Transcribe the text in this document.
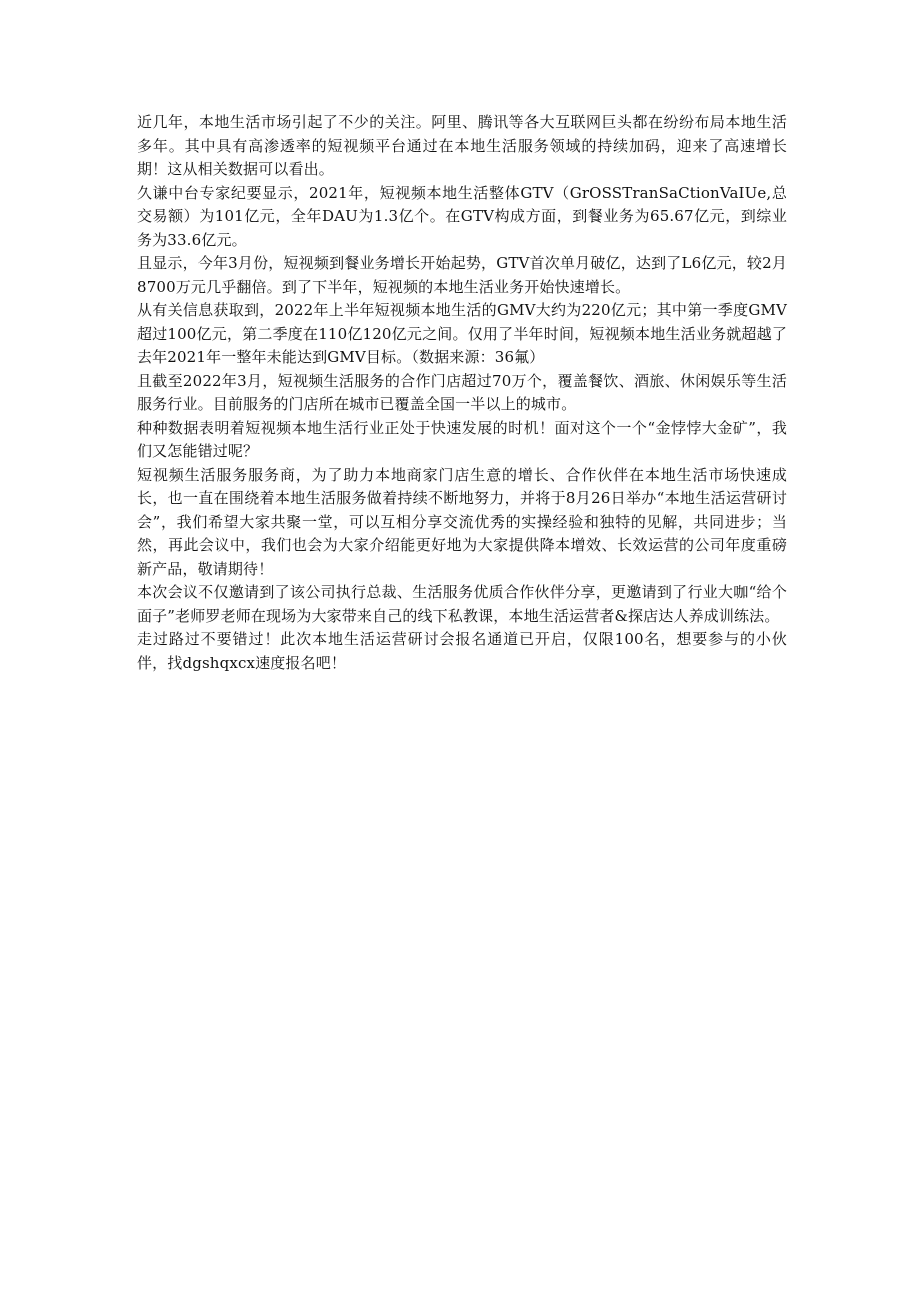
近几年，本地生活市场引起了不少的关注。阿里、腾讯等各大互联网巨头都在纷纷布局本地生活多年。其中具有高渗透率的短视频平台通过在本地生活服务领域的持续加码，迎来了高速增长期！这从相关数据可以看出。

久谦中台专家纪要显示，2021年，短视频本地生活整体GTV（GrOSSTranSaCtionVaIUe,总交易额）为101亿元，全年DAU为1.3亿个。在GTV构成方面，到餐业务为65.67亿元，到综业务为33.6亿元。

且显示，今年3月份，短视频到餐业务增长开始起势，GTV首次单月破亿，达到了L6亿元，较2月8700万元几乎翻倍。到了下半年，短视频的本地生活业务开始快速增长。

从有关信息获取到，2022年上半年短视频本地生活的GMV大约为220亿元；其中第一季度GMV超过100亿元，第二季度在110亿120亿元之间。仅用了半年时间，短视频本地生活业务就超越了去年2021年一整年未能达到GMV目标。（数据来源：36氟）

且截至2022年3月，短视频生活服务的合作门店超过70万个，覆盖餐饮、酒旅、休闲娱乐等生活服务行业。目前服务的门店所在城市已覆盖全国一半以上的城市。

种种数据表明着短视频本地生活行业正处于快速发展的时机！面对这个一个“金悖悖大金矿”，我们又怎能错过呢？

短视频生活服务服务商，为了助力本地商家门店生意的增长、合作伙伴在本地生活市场快速成长，也一直在围绕着本地生活服务做着持续不断地努力，并将于8月26日举办“本地生活运营研讨会”，我们希望大家共聚一堂，可以互相分享交流优秀的实操经验和独特的见解，共同进步；当然，再此会议中，我们也会为大家介绍能更好地为大家提供降本增效、长效运营的公司年度重磅新产品，敬请期待！

本次会议不仅邀请到了该公司执行总裁、生活服务优质合作伙伴分享，更邀请到了行业大咖“给个面子”老师罗老师在现场为大家带来自己的线下私教课，本地生活运营者&探店达人养成训练法。

走过路过不要错过！此次本地生活运营研讨会报名通道已开启，仅限100名，想要参与的小伙伴，找dgshqxcx速度报名吧！
